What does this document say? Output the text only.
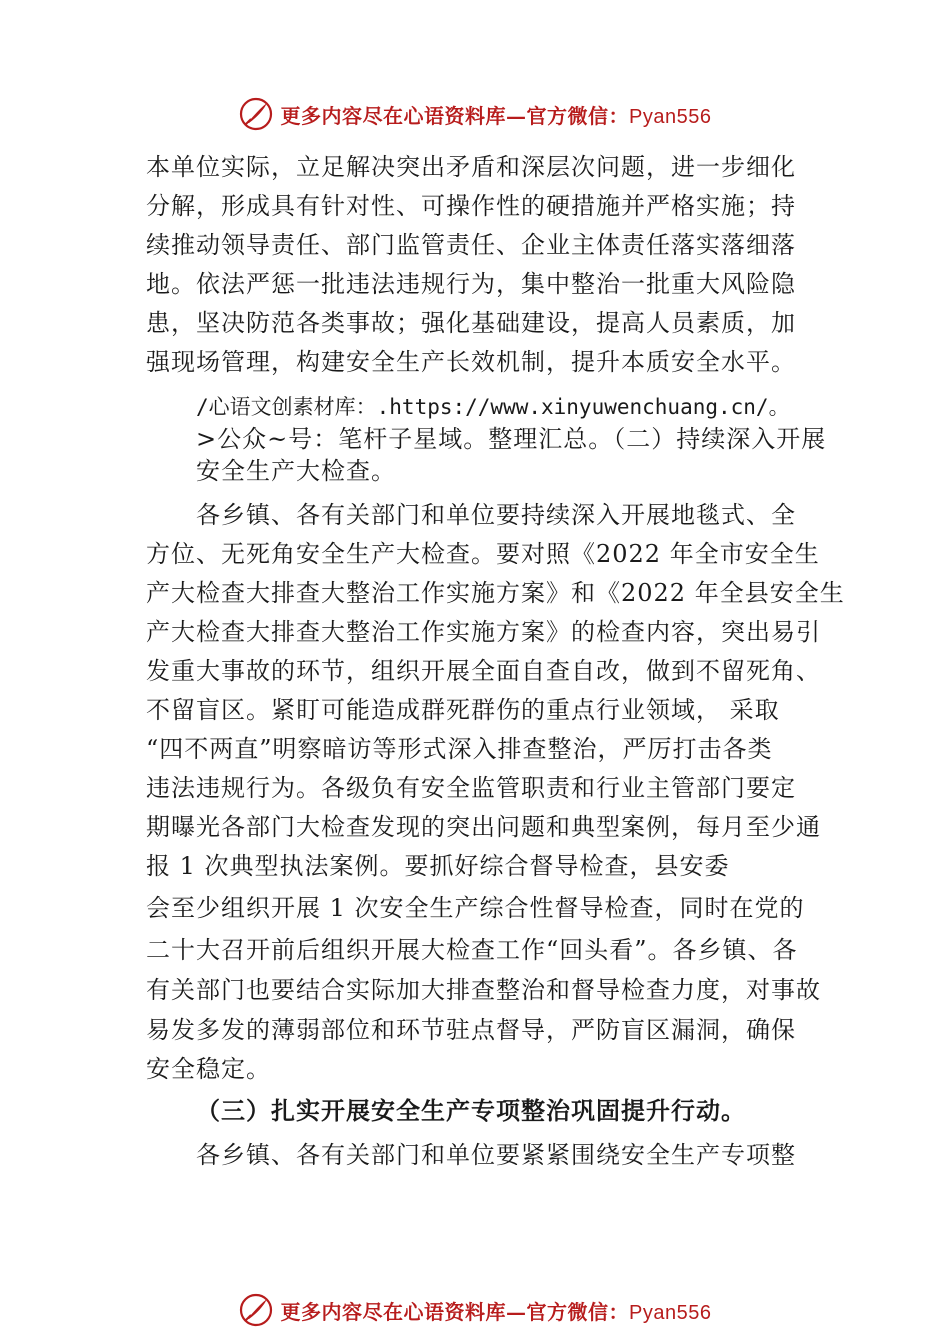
更多内容尽在心语资料库—官方微信：Pyan556
本单位实际，立足解决突出矛盾和深层次问题，进一步细化
分解，形成具有针对性、可操作性的硬措施并严格实施；持
续推动领导责任、部门监管责任、企业主体责任落实落细落
地。依法严惩一批违法违规行为，集中整治一批重大风险隐
患，坚决防范各类事故；强化基础建设，提高人员素质，加
强现场管理，构建安全生产长效机制，提升本质安全水平。
/心语文创素材库：.https://www.xinyuwenchuang.cn/。
>公众~号：笔杆子星域。整理汇总。（二）持续深入开展
安全生产大检查。
各乡镇、各有关部门和单位要持续深入开展地毯式、全
方位、无死角安全生产大检查。要对照《2022 年全市安全生
产大检查大排查大整治工作实施方案》和《2022 年全县安全生
产大检查大排查大整治工作实施方案》的检查内容，突出易引
发重大事故的环节，组织开展全面自查自改，做到不留死角、
不留盲区。紧盯可能造成群死群伤的重点行业领域， 采取
“四不两直”明察暗访等形式深入排查整治，严厉打击各类
违法违规行为。各级负有安全监管职责和行业主管部门要定
期曝光各部门大检查发现的突出问题和典型案例，每月至少通
报 1 次典型执法案例。要抓好综合督导检查，县安委
会至少组织开展 1 次安全生产综合性督导检查，同时在党的
二十大召开前后组织开展大检查工作“回头看”。各乡镇、各
有关部门也要结合实际加大排查整治和督导检查力度，对事故
易发多发的薄弱部位和环节驻点督导，严防盲区漏洞，确保
安全稳定。
（三）扎实开展安全生产专项整治巩固提升行动。
各乡镇、各有关部门和单位要紧紧围绕安全生产专项整
更多内容尽在心语资料库—官方微信：Pyan556
